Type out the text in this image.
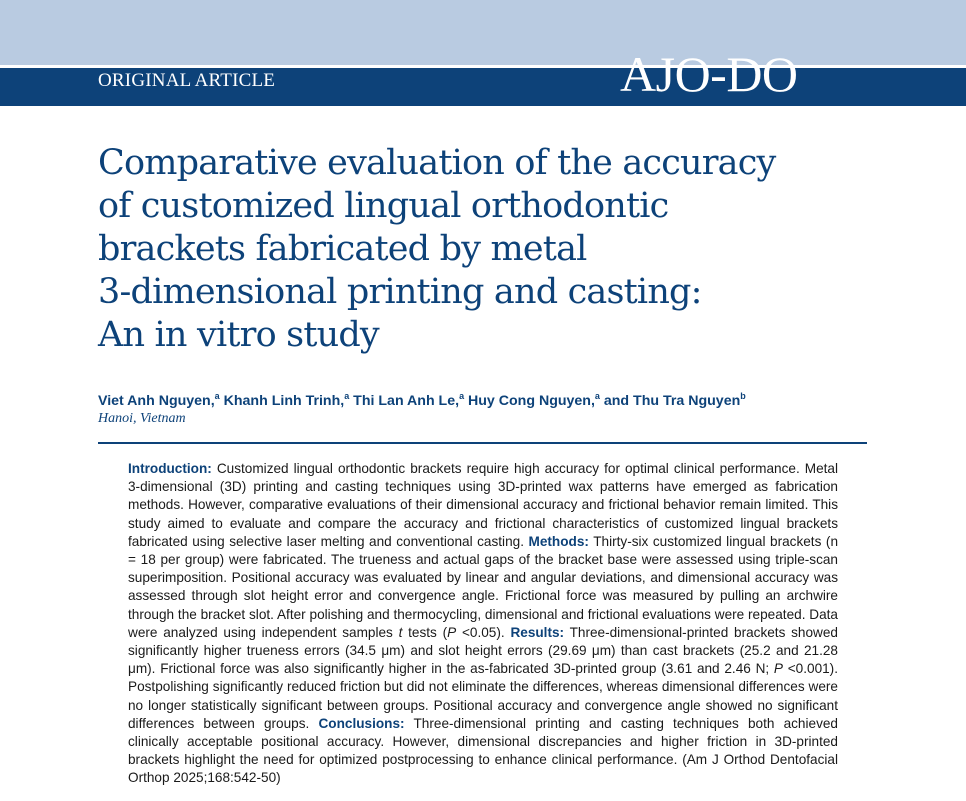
ORIGINAL ARTICLE	AJO-DO
Comparative evaluation of the accuracy
of customized lingual orthodontic
brackets fabricated by metal
3-dimensional printing and casting:
An in vitro study
Viet Anh Nguyen,$^a$ Khanh Linh Trinh,$^a$ Thi Lan Anh Le,$^a$ Huy Cong Nguyen,$^a$ and Thu Tra Nguyen$^b$
Hanoi, Vietnam

Introduction: Customized lingual orthodontic brackets require high accuracy for optimal clinical performance. Metal 3-dimensional (3D) printing and casting techniques using 3D-printed wax patterns have emerged as fabrication methods. However, comparative evaluations of their dimensional accuracy and frictional behavior remain limited. This study aimed to evaluate and compare the accuracy and frictional characteristics of customized lingual brackets fabricated using selective laser melting and conventional casting. Methods: Thirty-six customized lingual brackets (n = 18 per group) were fabricated. The trueness and actual gaps of the bracket base were assessed using triple-scan superimposition. Positional accuracy was evaluated by linear and angular deviations, and dimensional accuracy was assessed through slot height error and convergence angle. Frictional force was measured by pulling an archwire through the bracket slot. After polishing and thermocycling, dimensional and frictional evaluations were repeated. Data were analyzed using independent samples t tests (P <0.05). Results: Three-dimensional-printed brackets showed significantly higher trueness errors (34.5 μm) and slot height errors (29.69 μm) than cast brackets (25.2 and 21.28 μm). Frictional force was also significantly higher in the as-fabricated 3D-printed group (3.61 and 2.46 N; P <0.001). Postpolishing significantly reduced friction but did not eliminate the differences, whereas dimensional differences were no longer statistically significant between groups. Positional accuracy and convergence angle showed no significant differences between groups. Conclusions: Three-dimensional printing and casting techniques both achieved clinically acceptable positional accuracy. However, dimensional discrepancies and higher friction in 3D-printed brackets highlight the need for optimized postprocessing to enhance clinical performance. (Am J Orthod Dentofacial Orthop 2025;168:542-50)
